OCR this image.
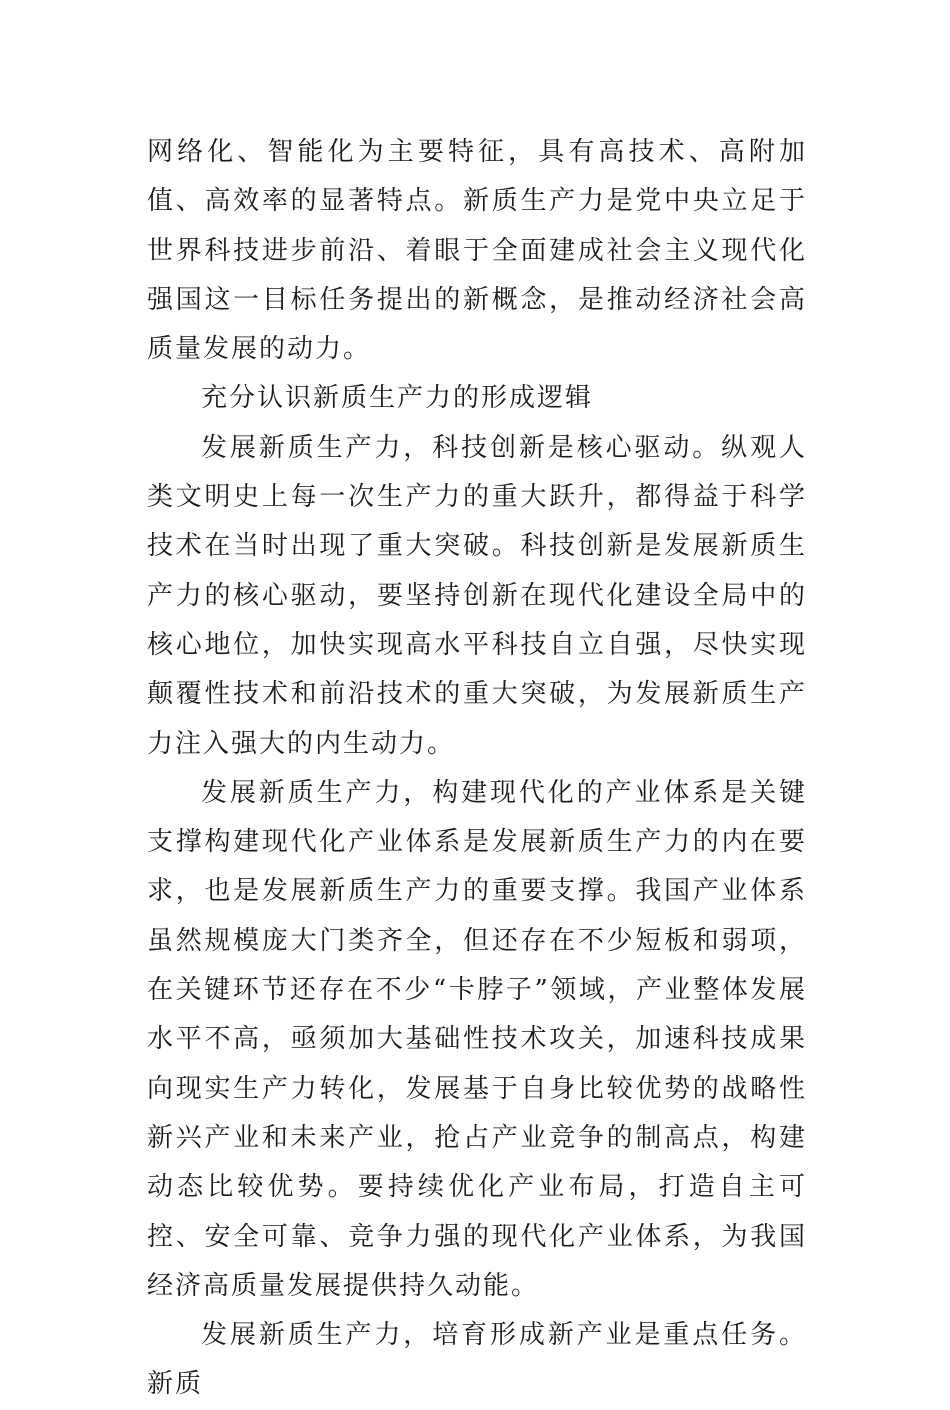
网络化、智能化为主要特征，具有高技术、高附加值、高效率的显著特点。新质生产力是党中央立足于世界科技进步前沿、着眼于全面建成社会主义现代化强国这一目标任务提出的新概念，是推动经济社会高质量发展的动力。

充分认识新质生产力的形成逻辑

发展新质生产力，科技创新是核心驱动。纵观人类文明史上每一次生产力的重大跃升，都得益于科学技术在当时出现了重大突破。科技创新是发展新质生产力的核心驱动，要坚持创新在现代化建设全局中的核心地位，加快实现高水平科技自立自强，尽快实现颠覆性技术和前沿技术的重大突破，为发展新质生产力注入强大的内生动力。

发展新质生产力，构建现代化的产业体系是关键支撑构建现代化产业体系是发展新质生产力的内在要求，也是发展新质生产力的重要支撑。我国产业体系虽然规模庞大门类齐全，但还存在不少短板和弱项，在关键环节还存在不少“卡脖子”领域，产业整体发展水平不高，亟须加大基础性技术攻关，加速科技成果向现实生产力转化，发展基于自身比较优势的战略性新兴产业和未来产业，抢占产业竞争的制高点，构建动态比较优势。要持续优化产业布局，打造自主可控、安全可靠、竞争力强的现代化产业体系，为我国经济高质量发展提供持久动能。

发展新质生产力，培育形成新产业是重点任务。新质
